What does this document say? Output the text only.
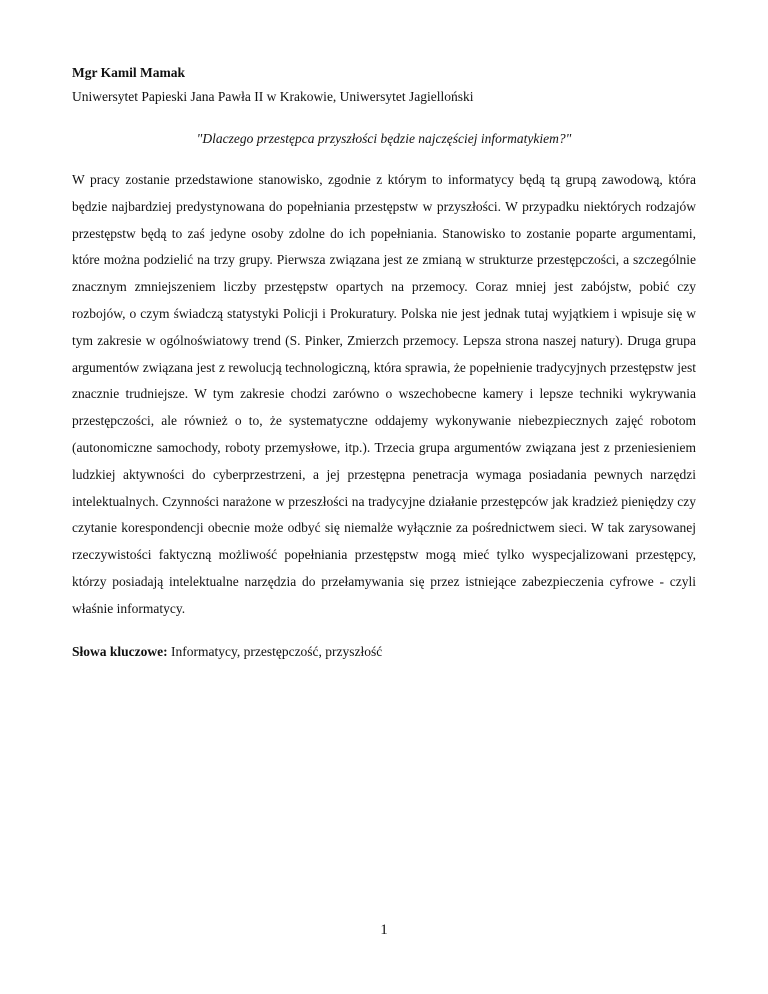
Mgr Kamil Mamak

Uniwersytet Papieski Jana Pawła II w Krakowie, Uniwersytet Jagielloński

"Dlaczego przestępca przyszłości będzie najczęściej informatykiem?"

W pracy zostanie przedstawione stanowisko, zgodnie z którym to informatycy będą tą grupą zawodową, która będzie najbardziej predystynowana do popełniania przestępstw w przyszłości. W przypadku niektórych rodzajów przestępstw będą to zaś jedyne osoby zdolne do ich popełniania. Stanowisko to zostanie poparte argumentami, które można podzielić na trzy grupy. Pierwsza związana jest ze zmianą w strukturze przestępczości, a szczególnie znacznym zmniejszeniem liczby przestępstw opartych na przemocy. Coraz mniej jest zabójstw, pobić czy rozbojów, o czym świadczą statystyki Policji i Prokuratury. Polska nie jest jednak tutaj wyjątkiem i wpisuje się w tym zakresie w ogólnoświatowy trend (S. Pinker, Zmierzch przemocy. Lepsza strona naszej natury). Druga grupa argumentów związana jest z rewolucją technologiczną, która sprawia, że popełnienie tradycyjnych przestępstw jest znacznie trudniejsze. W tym zakresie chodzi zarówno o wszechobecne kamery i lepsze techniki wykrywania przestępczości, ale również o to, że systematyczne oddajemy wykonywanie niebezpiecznych zajęć robotom (autonomiczne samochody, roboty przemysłowe, itp.). Trzecia grupa argumentów związana jest z przeniesieniem ludzkiej aktywności do cyberprzestrzeni, a jej przestępna penetracja wymaga posiadania pewnych narzędzi intelektualnych. Czynności narażone w przeszłości na tradycyjne działanie przestępców jak kradzież pieniędzy czy czytanie korespondencji obecnie może odbyć się niemalże wyłącznie za pośrednictwem sieci. W tak zarysowanej rzeczywistości faktyczną możliwość popełniania przestępstw mogą mieć tylko wyspecjalizowani przestępcy, którzy posiadają intelektualne narzędzia do przełamywania się przez istniejące zabezpieczenia cyfrowe - czyli właśnie informatycy.

Słowa kluczowe: Informatycy, przestępczość, przyszłość

1
